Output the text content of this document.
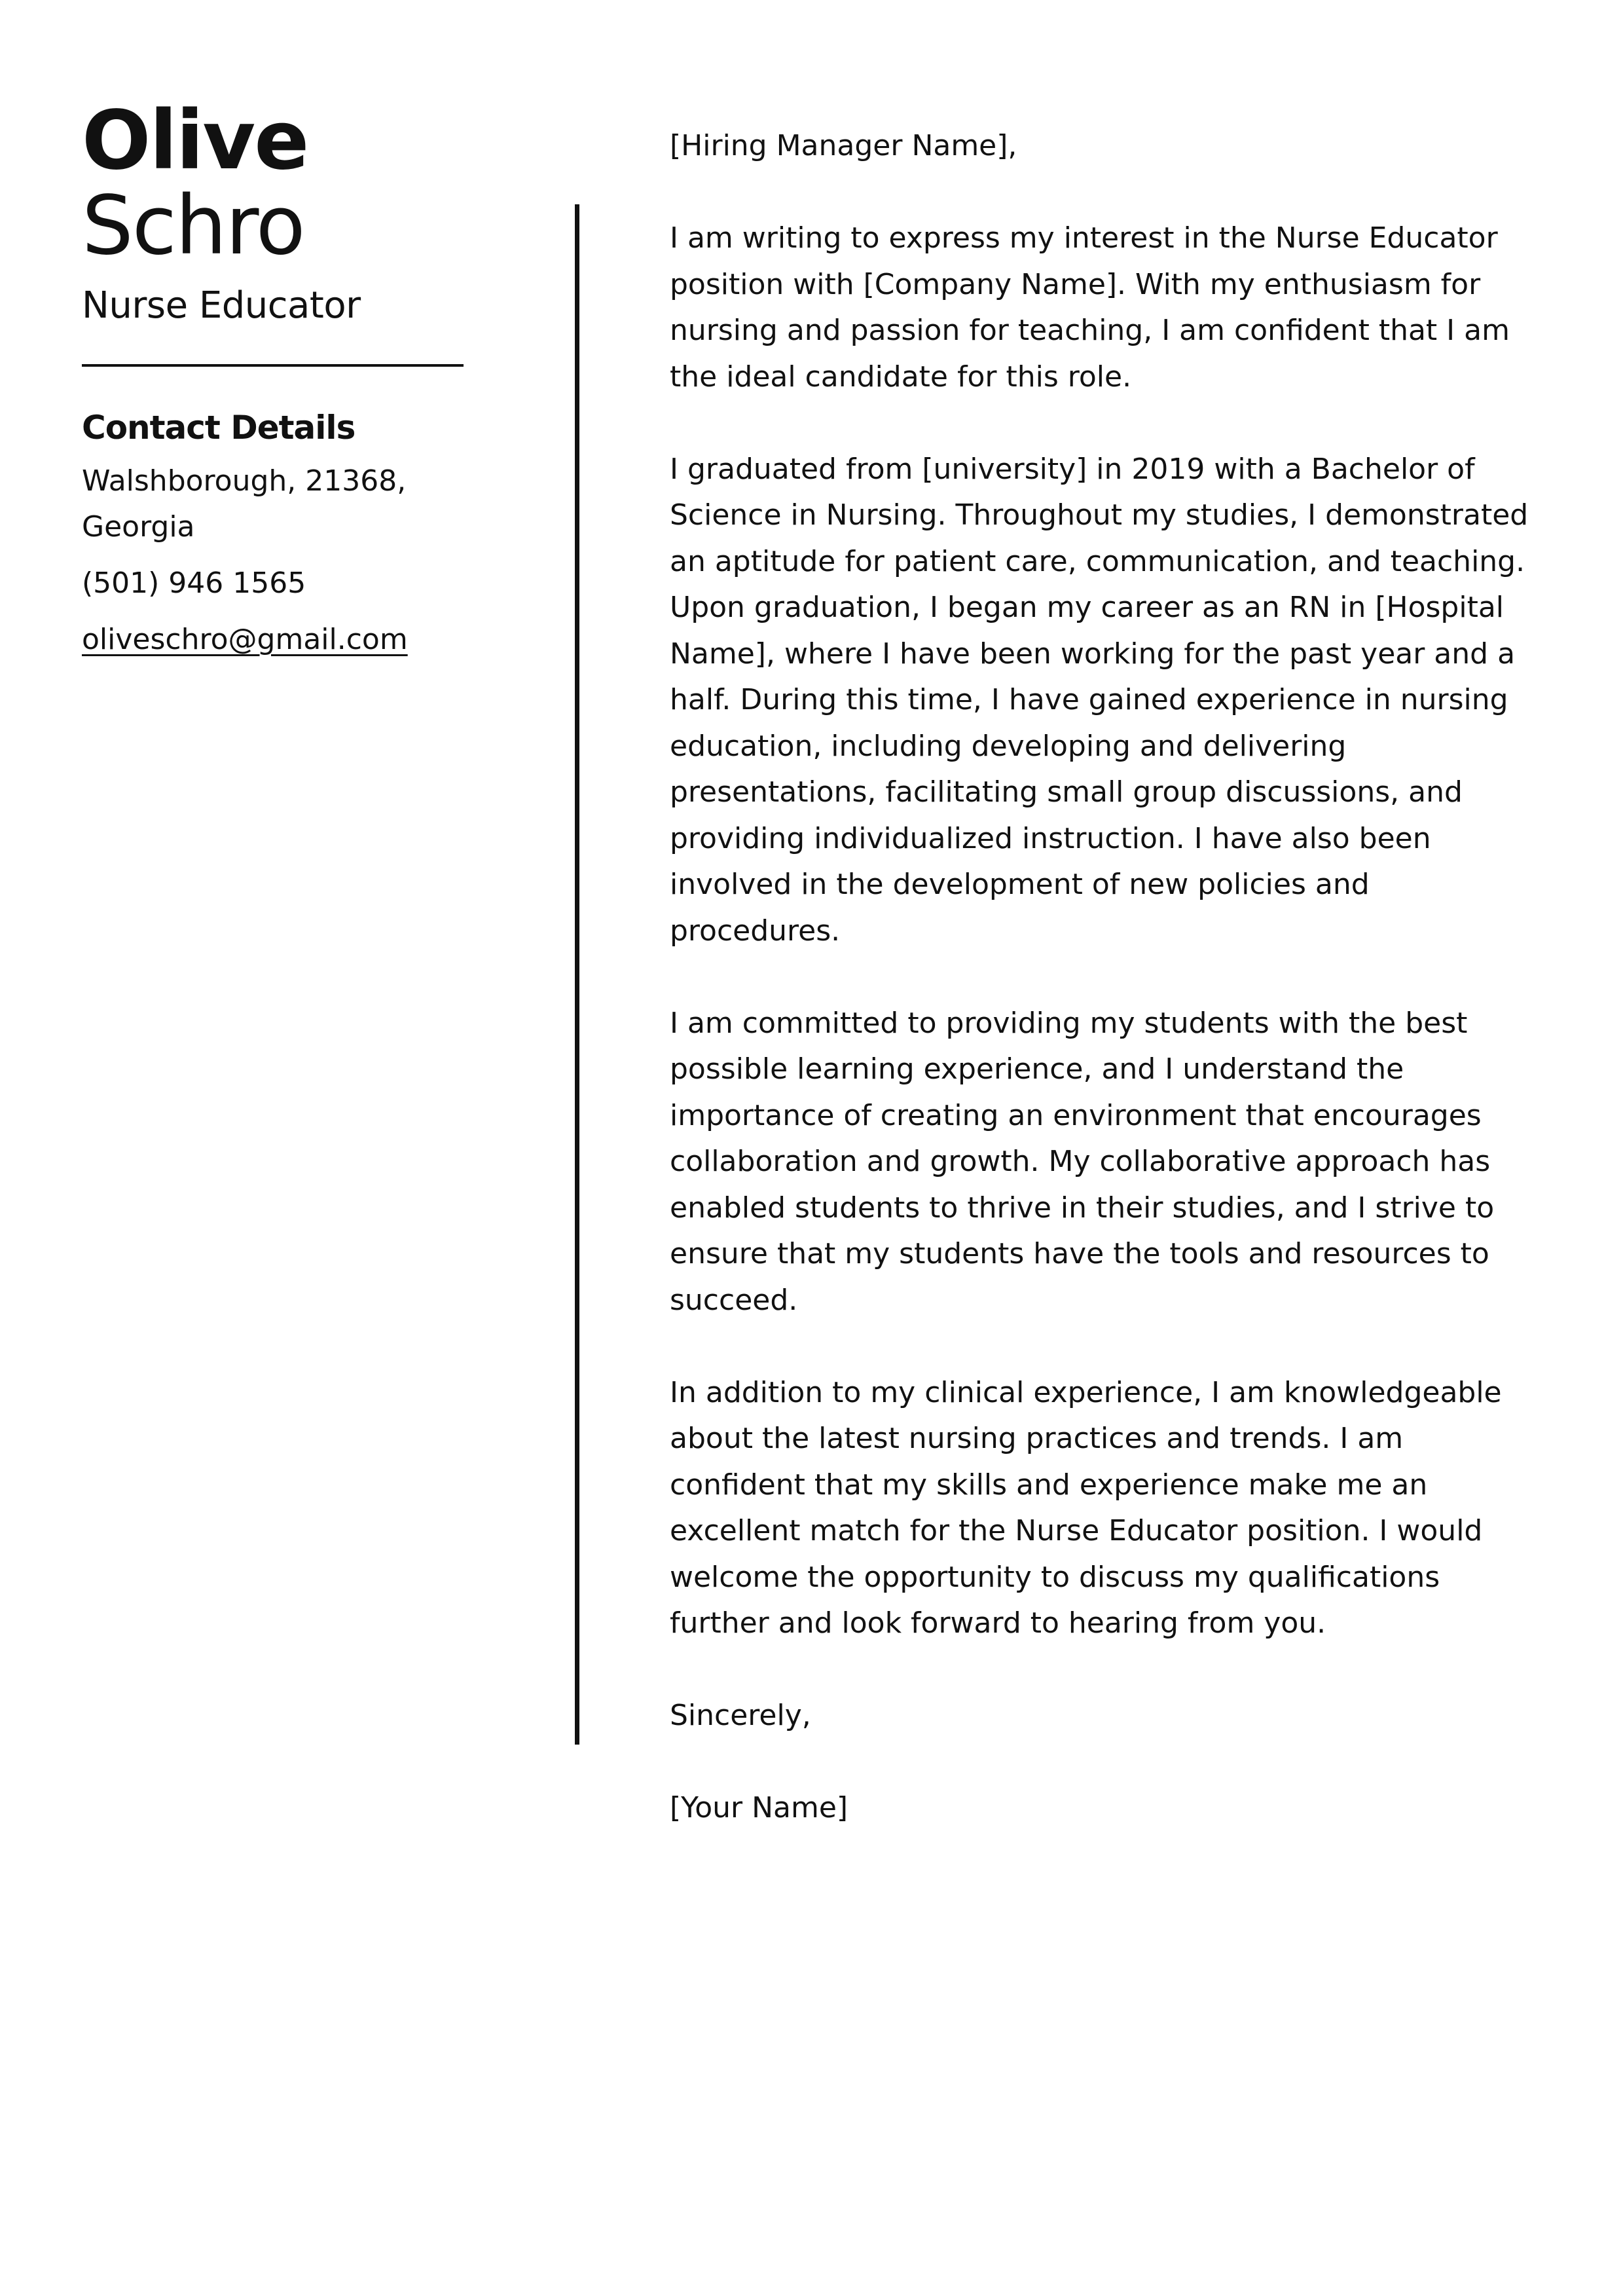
Olive
Schro
Nurse Educator
Contact Details
Walshborough, 21368,
Georgia
(501) 946 1565
oliveschro@gmail.com

[Hiring Manager Name],

I am writing to express my interest in the Nurse Educator position with [Company Name]. With my enthusiasm for nursing and passion for teaching, I am confident that I am the ideal candidate for this role.

I graduated from [university] in 2019 with a Bachelor of Science in Nursing. Throughout my studies, I demonstrated an aptitude for patient care, communication, and teaching. Upon graduation, I began my career as an RN in [Hospital Name], where I have been working for the past year and a half. During this time, I have gained experience in nursing education, including developing and delivering presentations, facilitating small group discussions, and providing individualized instruction. I have also been involved in the development of new policies and procedures.

I am committed to providing my students with the best possible learning experience, and I understand the importance of creating an environment that encourages collaboration and growth. My collaborative approach has enabled students to thrive in their studies, and I strive to ensure that my students have the tools and resources to succeed.

In addition to my clinical experience, I am knowledgeable about the latest nursing practices and trends. I am confident that my skills and experience make me an excellent match for the Nurse Educator position. I would welcome the opportunity to discuss my qualifications further and look forward to hearing from you.

Sincerely,

[Your Name]
